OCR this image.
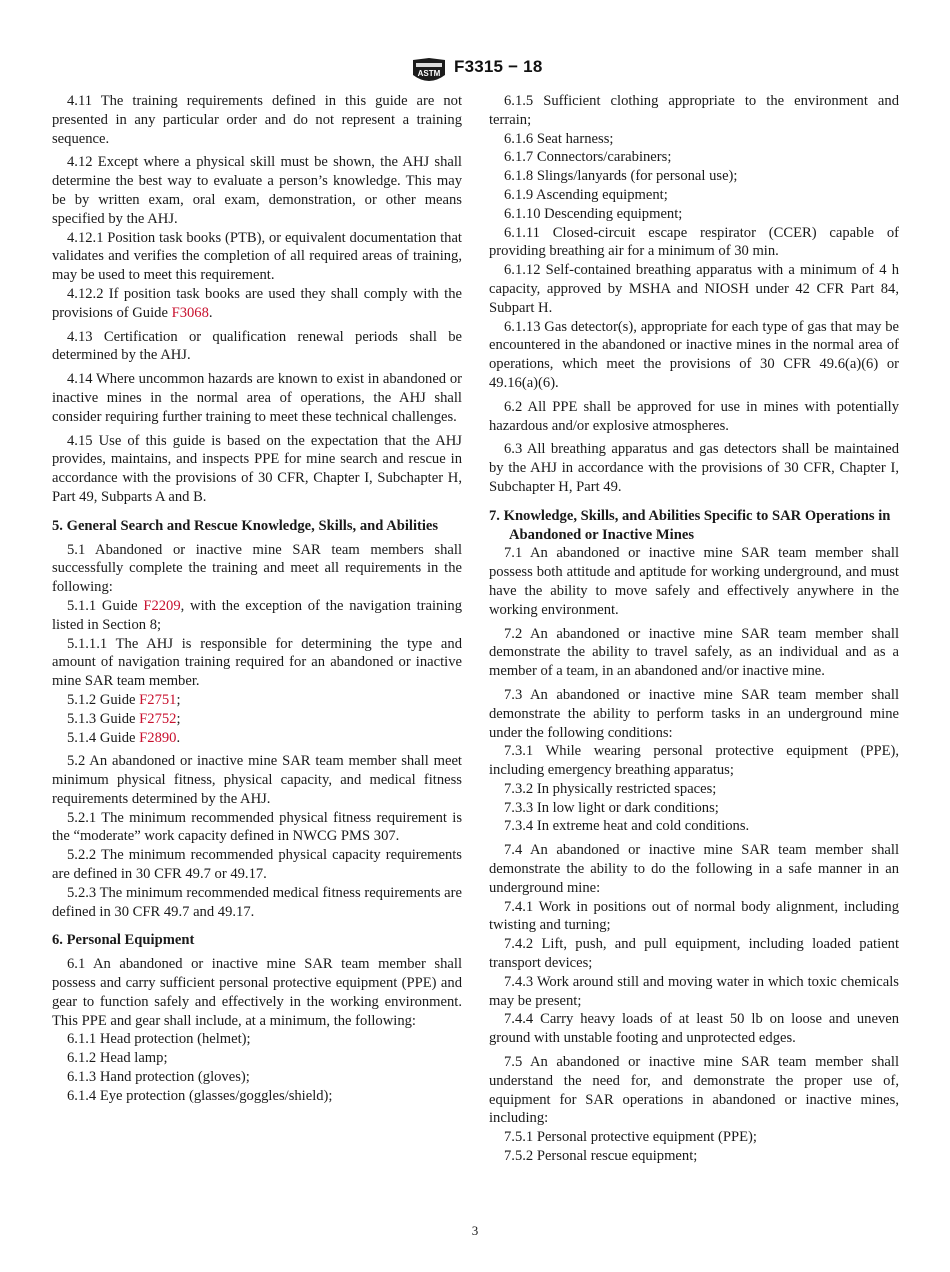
ASTM F3315 − 18

4.11 The training requirements defined in this guide are not presented in any particular order and do not represent a training sequence.

4.12 Except where a physical skill must be shown, the AHJ shall determine the best way to evaluate a person’s knowledge. This may be by written exam, oral exam, demonstration, or other means specified by the AHJ.

4.12.1 Position task books (PTB), or equivalent documentation that validates and verifies the completion of all required areas of training, may be used to meet this requirement.

4.12.2 If position task books are used they shall comply with the provisions of Guide F3068.

4.13 Certification or qualification renewal periods shall be determined by the AHJ.

4.14 Where uncommon hazards are known to exist in abandoned or inactive mines in the normal area of operations, the AHJ shall consider requiring further training to meet these technical challenges.

4.15 Use of this guide is based on the expectation that the AHJ provides, maintains, and inspects PPE for mine search and rescue in accordance with the provisions of 30 CFR, Chapter I, Subchapter H, Part 49, Subparts A and B.

5. General Search and Rescue Knowledge, Skills, and Abilities

5.1 Abandoned or inactive mine SAR team members shall successfully complete the training and meet all requirements in the following:

5.1.1 Guide F2209, with the exception of the navigation training listed in Section 8;

5.1.1.1 The AHJ is responsible for determining the type and amount of navigation training required for an abandoned or inactive mine SAR team member.

5.1.2 Guide F2751;

5.1.3 Guide F2752;

5.1.4 Guide F2890.

5.2 An abandoned or inactive mine SAR team member shall meet minimum physical fitness, physical capacity, and medical fitness requirements determined by the AHJ.

5.2.1 The minimum recommended physical fitness requirement is the “moderate” work capacity defined in NWCG PMS 307.

5.2.2 The minimum recommended physical capacity requirements are defined in 30 CFR 49.7 or 49.17.

5.2.3 The minimum recommended medical fitness requirements are defined in 30 CFR 49.7 and 49.17.

6. Personal Equipment

6.1 An abandoned or inactive mine SAR team member shall possess and carry sufficient personal protective equipment (PPE) and gear to function safely and effectively in the working environment. This PPE and gear shall include, at a minimum, the following:

6.1.1 Head protection (helmet);

6.1.2 Head lamp;

6.1.3 Hand protection (gloves);

6.1.4 Eye protection (glasses/goggles/shield);

6.1.5 Sufficient clothing appropriate to the environment and terrain;

6.1.6 Seat harness;

6.1.7 Connectors/carabiners;

6.1.8 Slings/lanyards (for personal use);

6.1.9 Ascending equipment;

6.1.10 Descending equipment;

6.1.11 Closed-circuit escape respirator (CCER) capable of providing breathing air for a minimum of 30 min.

6.1.12 Self-contained breathing apparatus with a minimum of 4 h capacity, approved by MSHA and NIOSH under 42 CFR Part 84, Subpart H.

6.1.13 Gas detector(s), appropriate for each type of gas that may be encountered in the abandoned or inactive mines in the normal area of operations, which meet the provisions of 30 CFR 49.6(a)(6) or 49.16(a)(6).

6.2 All PPE shall be approved for use in mines with potentially hazardous and/or explosive atmospheres.

6.3 All breathing apparatus and gas detectors shall be maintained by the AHJ in accordance with the provisions of 30 CFR, Chapter I, Subchapter H, Part 49.

7. Knowledge, Skills, and Abilities Specific to SAR Operations in Abandoned or Inactive Mines

7.1 An abandoned or inactive mine SAR team member shall possess both attitude and aptitude for working underground, and must have the ability to move safely and effectively anywhere in the working environment.

7.2 An abandoned or inactive mine SAR team member shall demonstrate the ability to travel safely, as an individual and as a member of a team, in an abandoned and/or inactive mine.

7.3 An abandoned or inactive mine SAR team member shall demonstrate the ability to perform tasks in an underground mine under the following conditions:

7.3.1 While wearing personal protective equipment (PPE), including emergency breathing apparatus;

7.3.2 In physically restricted spaces;

7.3.3 In low light or dark conditions;

7.3.4 In extreme heat and cold conditions.

7.4 An abandoned or inactive mine SAR team member shall demonstrate the ability to do the following in a safe manner in an underground mine:

7.4.1 Work in positions out of normal body alignment, including twisting and turning;

7.4.2 Lift, push, and pull equipment, including loaded patient transport devices;

7.4.3 Work around still and moving water in which toxic chemicals may be present;

7.4.4 Carry heavy loads of at least 50 lb on loose and uneven ground with unstable footing and unprotected edges.

7.5 An abandoned or inactive mine SAR team member shall understand the need for, and demonstrate the proper use of, equipment for SAR operations in abandoned or inactive mines, including:

7.5.1 Personal protective equipment (PPE);

7.5.2 Personal rescue equipment;

3
